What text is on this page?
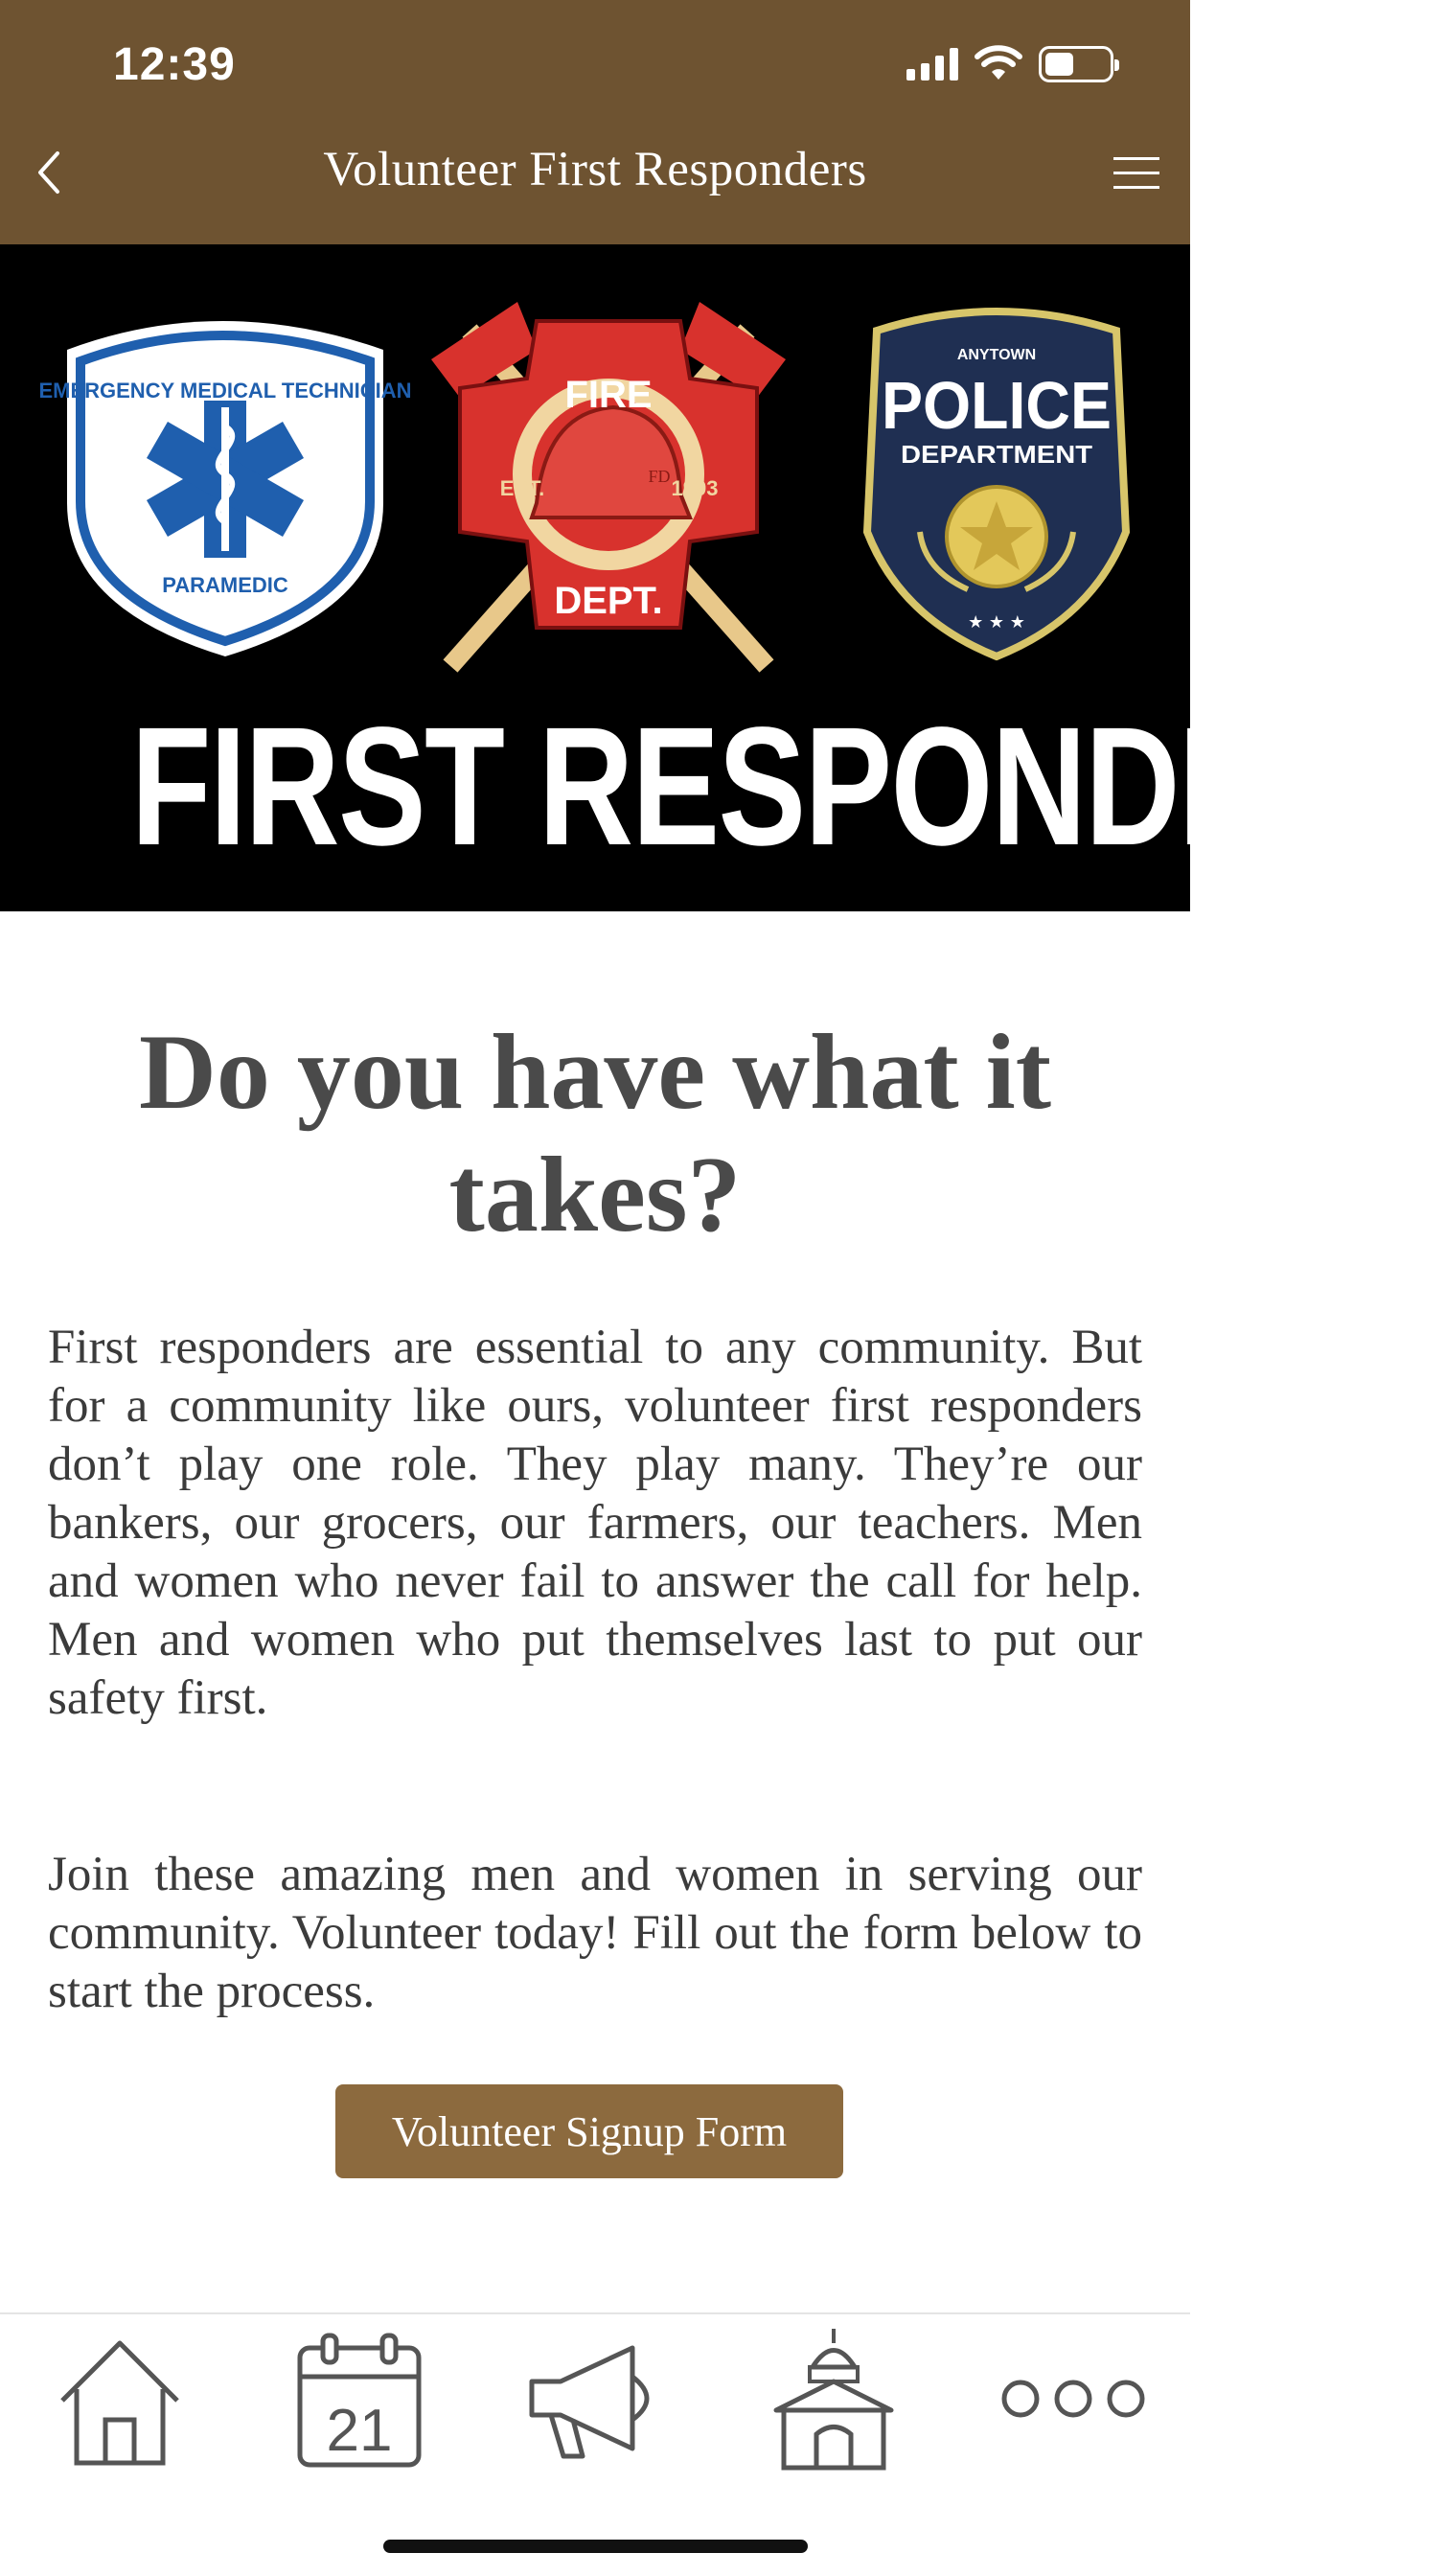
12:39
Volunteer First Responders
EMERGENCY MEDICAL TECHNICIAN
PARAMEDIC
FD
FIRE
DEPT.
EST.	1993
ANYTOWN
POLICE
DEPARTMENT
★ ★ ★
FIRST RESPONDERS
Do you have what it takes?

First responders are essential to any community. But for a community like ours, volunteer first responders don’t play one role. They play many. They’re our bankers, our grocers, our farmers, our teachers. Men and women who never fail to answer the call for help. Men and women who put themselves last to put our safety first.

Join these amazing men and women in serving our community. Volunteer today! Fill out the form below to start the process.

Volunteer Signup Form
21
